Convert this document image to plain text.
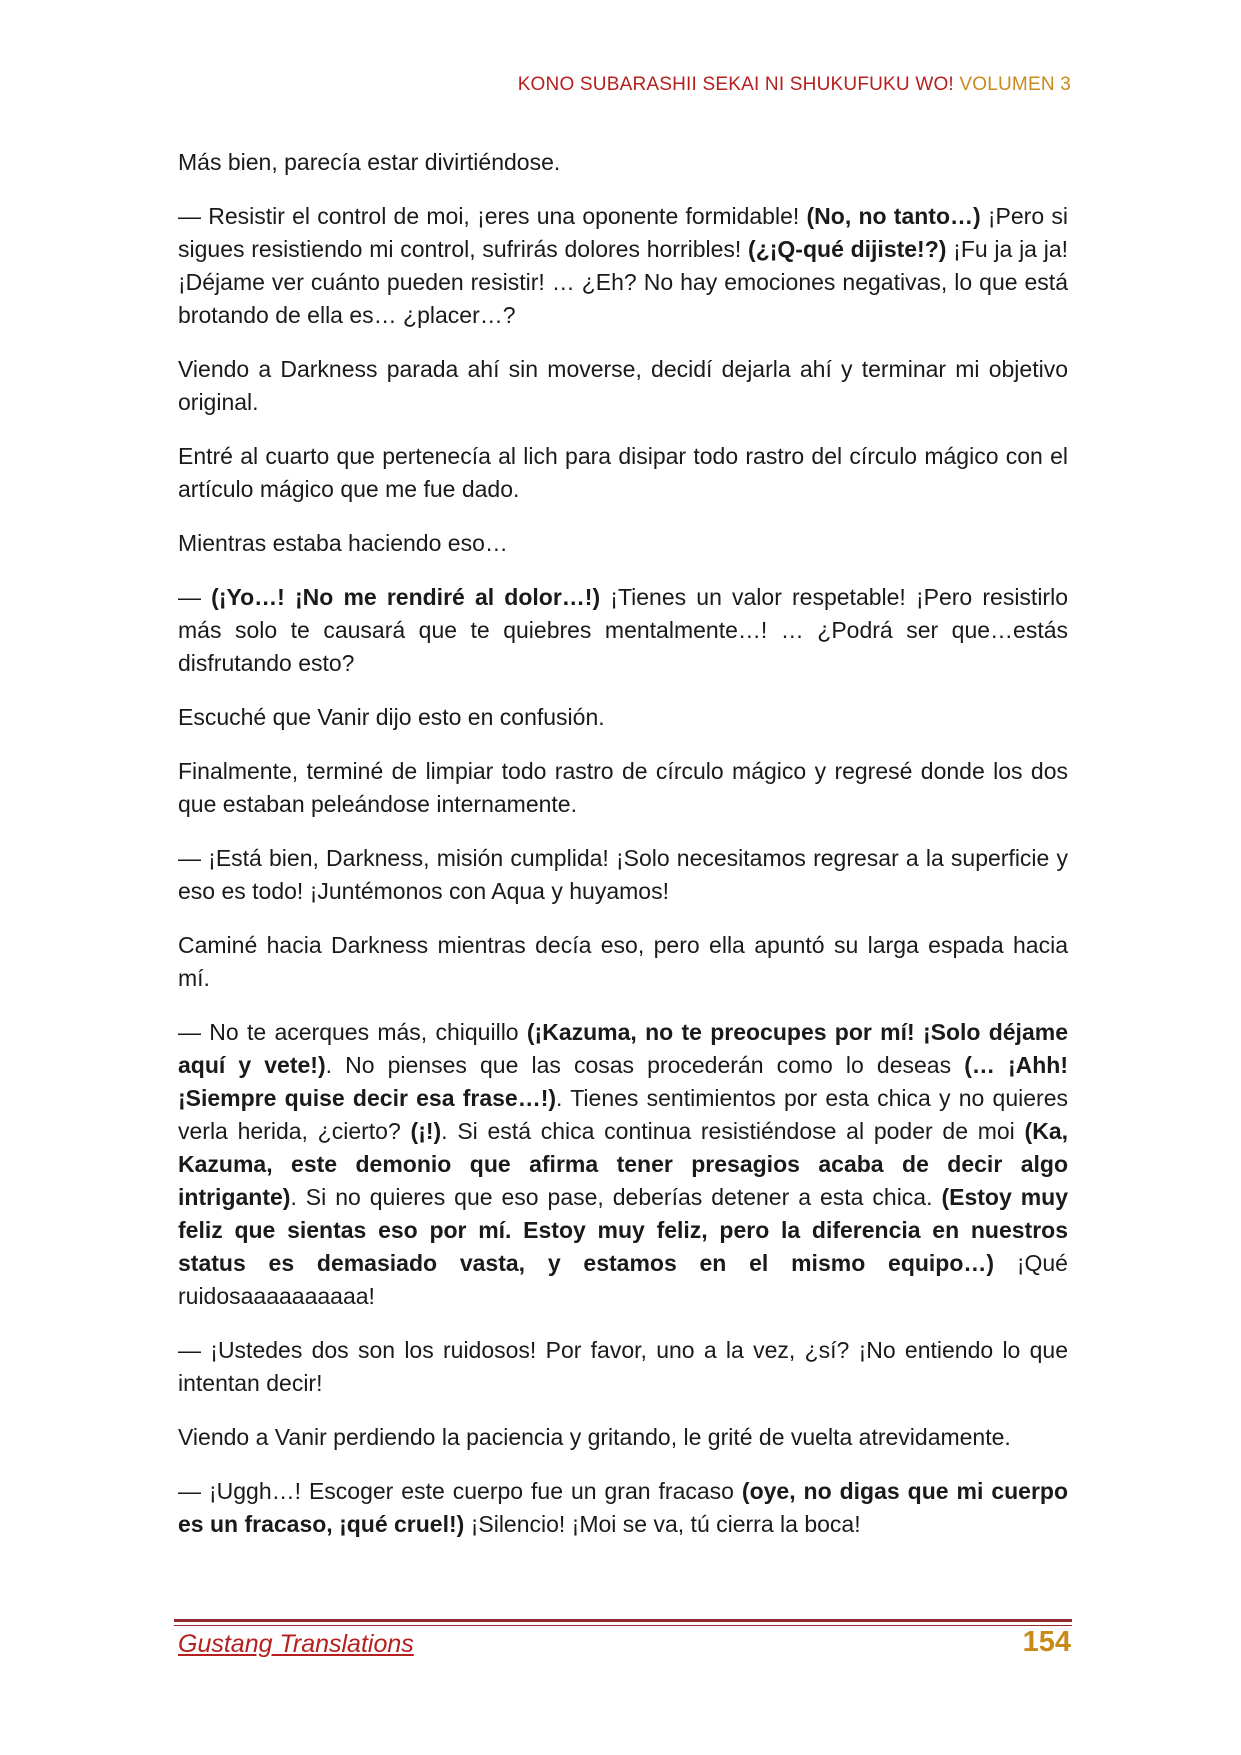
KONO SUBARASHII SEKAI NI SHUKUFUKU WO! VOLUMEN 3

Más bien, parecía estar divirtiéndose.

— Resistir el control de moi, ¡eres una oponente formidable! (No, no tanto…) ¡Pero si sigues resistiendo mi control, sufrirás dolores horribles! (¿¡Q-qué dijiste!?) ¡Fu ja ja ja! ¡Déjame ver cuánto pueden resistir! … ¿Eh? No hay emociones negativas, lo que está brotando de ella es… ¿placer…?

Viendo a Darkness parada ahí sin moverse, decidí dejarla ahí y terminar mi objetivo original.

Entré al cuarto que pertenecía al lich para disipar todo rastro del círculo mágico con el artículo mágico que me fue dado.

Mientras estaba haciendo eso…

— (¡Yo…! ¡No me rendiré al dolor…!) ¡Tienes un valor respetable! ¡Pero resistirlo más solo te causará que te quiebres mentalmente…! … ¿Podrá ser que…estás disfrutando esto?

Escuché que Vanir dijo esto en confusión.

Finalmente, terminé de limpiar todo rastro de círculo mágico y regresé donde los dos que estaban peleándose internamente.

— ¡Está bien, Darkness, misión cumplida! ¡Solo necesitamos regresar a la superficie y eso es todo! ¡Juntémonos con Aqua y huyamos!

Caminé hacia Darkness mientras decía eso, pero ella apuntó su larga espada hacia mí.

— No te acerques más, chiquillo (¡Kazuma, no te preocupes por mí! ¡Solo déjame aquí y vete!). No pienses que las cosas procederán como lo deseas (… ¡Ahh! ¡Siempre quise decir esa frase…!). Tienes sentimientos por esta chica y no quieres verla herida, ¿cierto? (¡!). Si está chica continua resistiéndose al poder de moi (Ka, Kazuma, este demonio que afirma tener presagios acaba de decir algo intrigante). Si no quieres que eso pase, deberías detener a esta chica. (Estoy muy feliz que sientas eso por mí. Estoy muy feliz, pero la diferencia en nuestros status es demasiado vasta, y estamos en el mismo equipo…) ¡Qué ruidosaaaaaaaaaa!

— ¡Ustedes dos son los ruidosos! Por favor, uno a la vez, ¿sí? ¡No entiendo lo que intentan decir!

Viendo a Vanir perdiendo la paciencia y gritando, le grité de vuelta atrevidamente.

— ¡Uggh…! Escoger este cuerpo fue un gran fracaso (oye, no digas que mi cuerpo es un fracaso, ¡qué cruel!) ¡Silencio! ¡Moi se va, tú cierra la boca!

Gustang Translations	154
